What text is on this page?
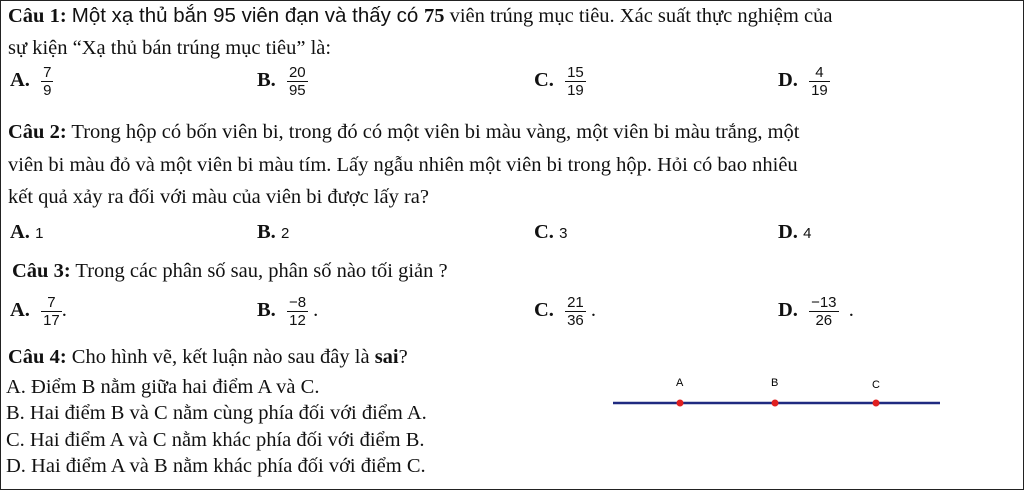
Câu 1: Một xạ thủ bắn 95 viên đạn và thấy có 75 viên trúng mục tiêu. Xác suất thực nghiệm của
sự kiện “Xạ thủ bán trúng mục tiêu” là:
A. $\frac{7}{9}$	B. $\frac{20}{95}$	C. $\frac{15}{19}$	D. $\frac{4}{19}$
Câu 2: Trong hộp có bốn viên bi, trong đó có một viên bi màu vàng, một viên bi màu trắng, một
viên bi màu đỏ và một viên bi màu tím. Lấy ngẫu nhiên một viên bi trong hộp. Hỏi có bao nhiêu
kết quả xảy ra đối với màu của viên bi được lấy ra?
A. 1	B. 2	C. 3	D. 4
Câu 3: Trong các phân số sau, phân số nào tối giản ?
A. $\frac{7}{17}$ .	B. $\frac{-8}{12}$ .	C. $\frac{21}{36}$ .	D. $\frac{-13}{26}$ .
Câu 4: Cho hình vẽ, kết luận nào sau đây là sai?
A. Điểm B nằm giữa hai điểm A và C.
B. Hai điểm B và C nằm cùng phía đối với điểm A.
C. Hai điểm A và C nằm khác phía đối với điểm B.
D. Hai điểm A và B nằm khác phía đối với điểm C.
A	B	C
